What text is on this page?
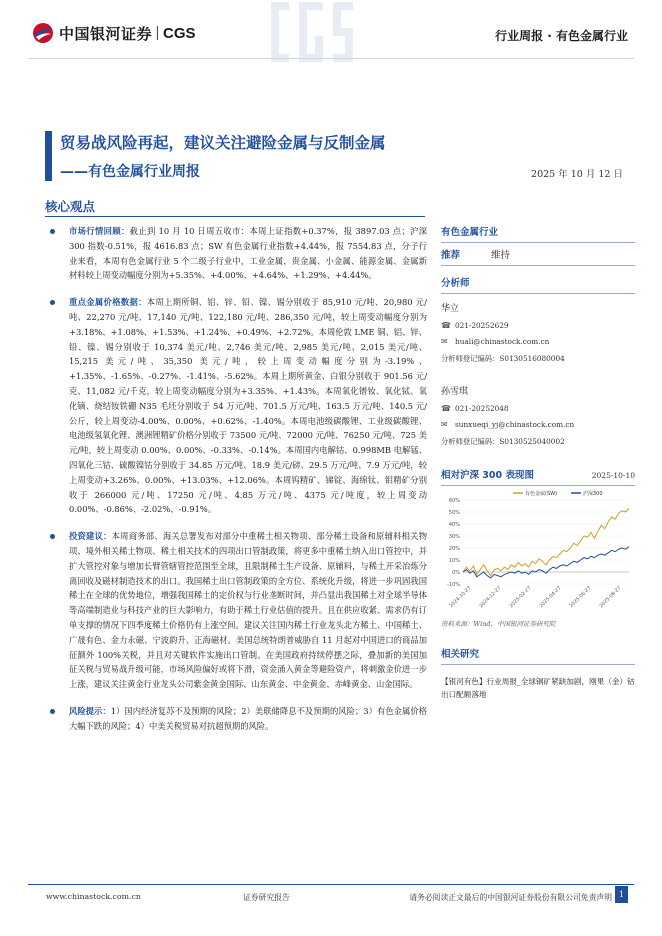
中国银河证券 CGS	行业周报 · 有色金属行业
贸易战风险再起，建议关注避险金属与反制金属
——有色金属行业周报	2025 年 10 月 12 日
核心观点
市场行情回顾：截止到 10 月 10 日周五收市：本周上证指数+0.37%，报 3897.03 点；沪深 300 指数-0.51%，报 4616.83 点；SW 有色金属行业指数+4.44%，报 7554.83 点，分子行业来看，本周有色金属行业 5 个二级子行业中，工业金属、贵金属、小金属、能源金属、金属新材料较上周变动幅度分别为+5.35%、+4.00%、+4.64%、+1.29%、+4.44%。
重点金属价格数据：本周上期所铜、铝、锌、铅、镍、锡分别收于 85,910 元/吨、20,980 元/吨、22,270 元/吨、17,140 元/吨、122,180 元/吨、286,350 元/吨，较上周变动幅度分别为+3.18%、+1.08%、+1.53%、+1.24%、+0.49%、+2.72%。本周伦敦 LME 铜、铝、锌、铅、镍、锡分别收于 10,374 美元/吨、2,746 美元/吨、2,985 美元/吨、2,015 美元/吨、15,215 美元/吨、35,350 美元/吨，较上周变动幅度分别为-3.19%、+1.35%、-1.65%、-0.27%、-1.41%、-5.62%。本周上期所黄金、白银分别收于 901.56 元/克、11,082 元/千克，较上周变动幅度分别为+3.35%、+1.43%。本周氧化镨钕、氧化铽、氧化镝、烧结钕铁硼 N35 毛坯分别收于 54 万元/吨、701.5 万元/吨、163.5 万元/吨、140.5 元/公斤，较上周变动-4.00%、0.00%、+0.62%、-1.40%。本周电池级碳酸锂、工业级碳酸锂、电池级氢氧化锂、澳洲锂精矿价格分别收于 73500 元/吨、72000 元/吨、76250 元/吨、725 美元/吨，较上周变动 0.00%、0.00%、-0.33%、-0.14%。本周国内电解钴、0.998MB 电解锰、四氧化三钴、硫酸镍钴分别收于 34.85 万元/吨、18.9 美元/磅、29.5 万元/吨、7.9 万元/吨，较上周变动+3.26%、0.00%、+13.03%、+12.06%。本周钨精矿、锑锭、海绵钛、钼精矿分别收于 266000 元/吨、17250 元/吨、4.85 万元/吨、4375 元/吨度，较上周变动 0.00%、-0.86%、-2.02%、-0.91%。
投资建议：本周商务部、海关总署发布对部分中重稀土相关物项、部分稀土设备和原辅料相关物项、境外相关稀土物项、稀土相关技术的四项出口管制政策，将更多中重稀土纳入出口管控中，并扩大管控对象与增加长臂管辖管控范围至全球，且限制稀土生产设备、原辅料，与稀土开采冶炼分离回收及磁材制造技术的出口。我国稀土出口管制政策的全方位、系统化升级，将进一步巩固我国稀土在全球的优势地位，增强我国稀土的定价权与行业垄断时间，并凸显出我国稀土对全球半导体等高端制造业与科技产业的巨大影响力，有助于稀土行业估值的提升。且在供应收紧、需求仍有订单支撑的情况下四季度稀土价格仍有上涨空间。建议关注国内稀土行业龙头北方稀土、中国稀土、广晟有色、金力永磁、宁波韵升、正海磁材。美国总统特朗普威胁自 11 月起对中国进口的商品加征额外 100%关税，并且对关键软件实施出口管制。在美国政府持续停摆之际，叠加新的美国加征关税与贸易战升级可能，市场风险偏好或将下滑，资金涌入黄金等避险资产，将刺激金价进一步上涨，建议关注黄金行业龙头公司紫金黄金国际、山东黄金、中金黄金、赤峰黄金、山金国际。
风险提示：1）国内经济复苏不及预期的风险；2）美联储降息不及预期的风险；3）有色金属价格大幅下跌的风险；4）中美关税贸易对抗超预期的风险。
有色金属行业
推荐	维持
分析师
华立
☎ 021-20252629
✉ huali@chinastock.com.cn
分析师登记编码：S0130516080004
孙雪琪
☎ 021-20252048
✉ sunxueqi_yj@chinastock.com.cn
分析师登记编码：S0130525040002
相对沪深 300 表现图	2025-10-10
-10%
0%
10%
20%
30%
40%
50%
60%
2024-10-27 2024-12-27 2025-02-27 2025-04-27 2025-06-27 2025-08-27
有色金属(SW)	沪深300
资料来源：Wind，中国银河证券研究院
相关研究
【银河有色】行业周报_全球铜矿紧缺加剧，刚果（金）钴出口配额落地
www.chinastock.com.cn	证券研究报告	请务必阅读正文最后的中国银河证券股份有限公司免责声明 1
